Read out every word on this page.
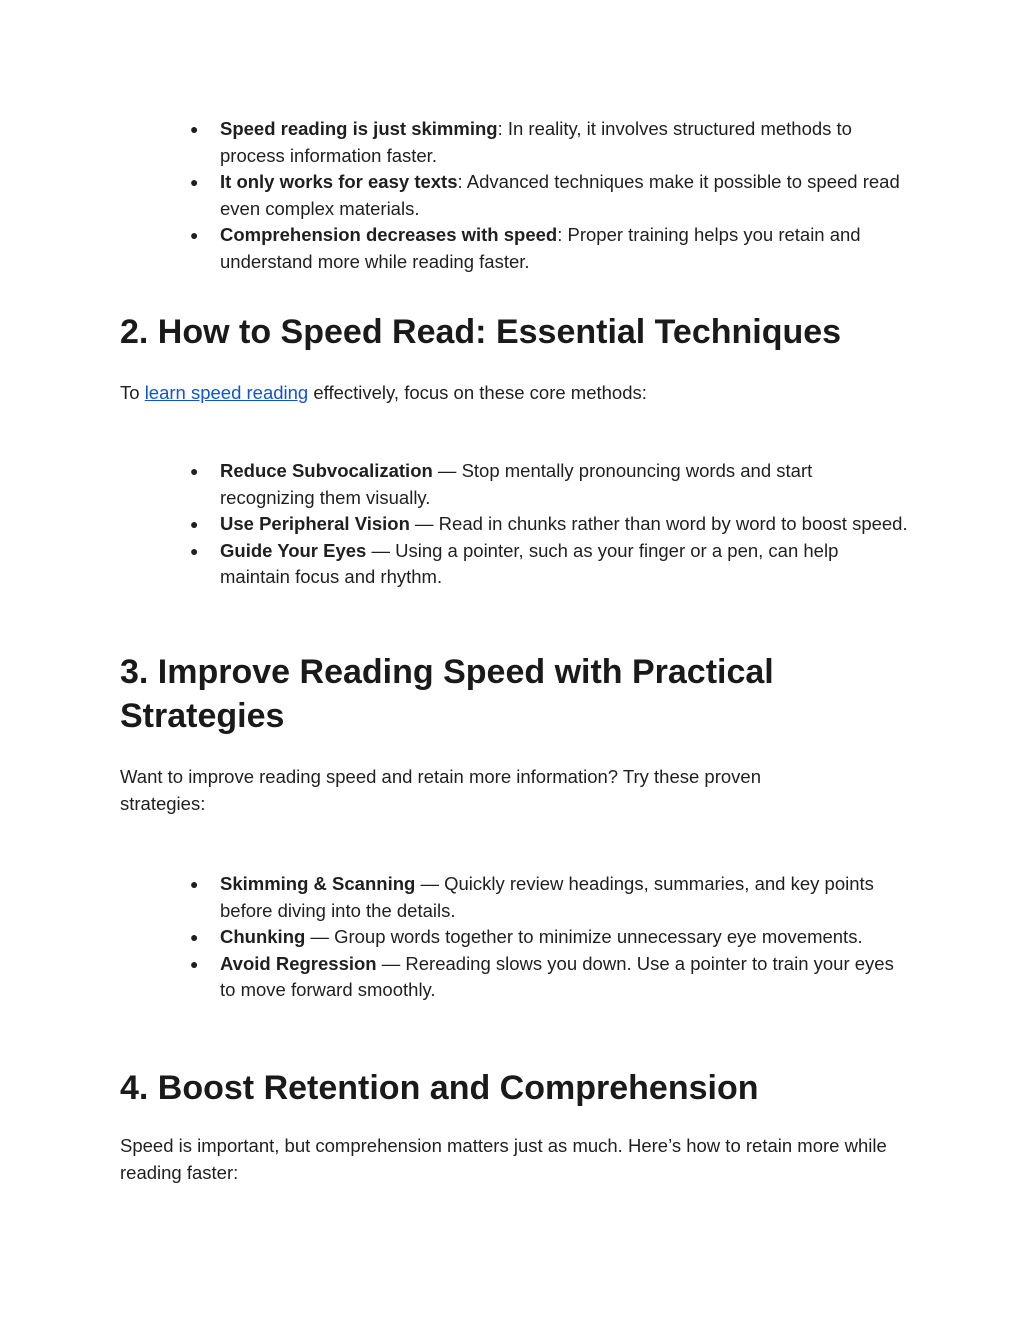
● Speed reading is just skimming: In reality, it involves structured methods to process information faster.
● It only works for easy texts: Advanced techniques make it possible to speed read even complex materials.
● Comprehension decreases with speed: Proper training helps you retain and understand more while reading faster.
2. How to Speed Read: Essential Techniques

To learn speed reading effectively, focus on these core methods:

● Reduce Subvocalization — Stop mentally pronouncing words and start recognizing them visually.
● Use Peripheral Vision — Read in chunks rather than word by word to boost speed.
● Guide Your Eyes — Using a pointer, such as your finger or a pen, can help maintain focus and rhythm.
3. Improve Reading Speed with Practical Strategies

Want to improve reading speed and retain more information? Try these proven strategies:

● Skimming & Scanning — Quickly review headings, summaries, and key points before diving into the details.
● Chunking — Group words together to minimize unnecessary eye movements.
● Avoid Regression — Rereading slows you down. Use a pointer to train your eyes to move forward smoothly.
4. Boost Retention and Comprehension

Speed is important, but comprehension matters just as much. Here’s how to retain more while reading faster:
